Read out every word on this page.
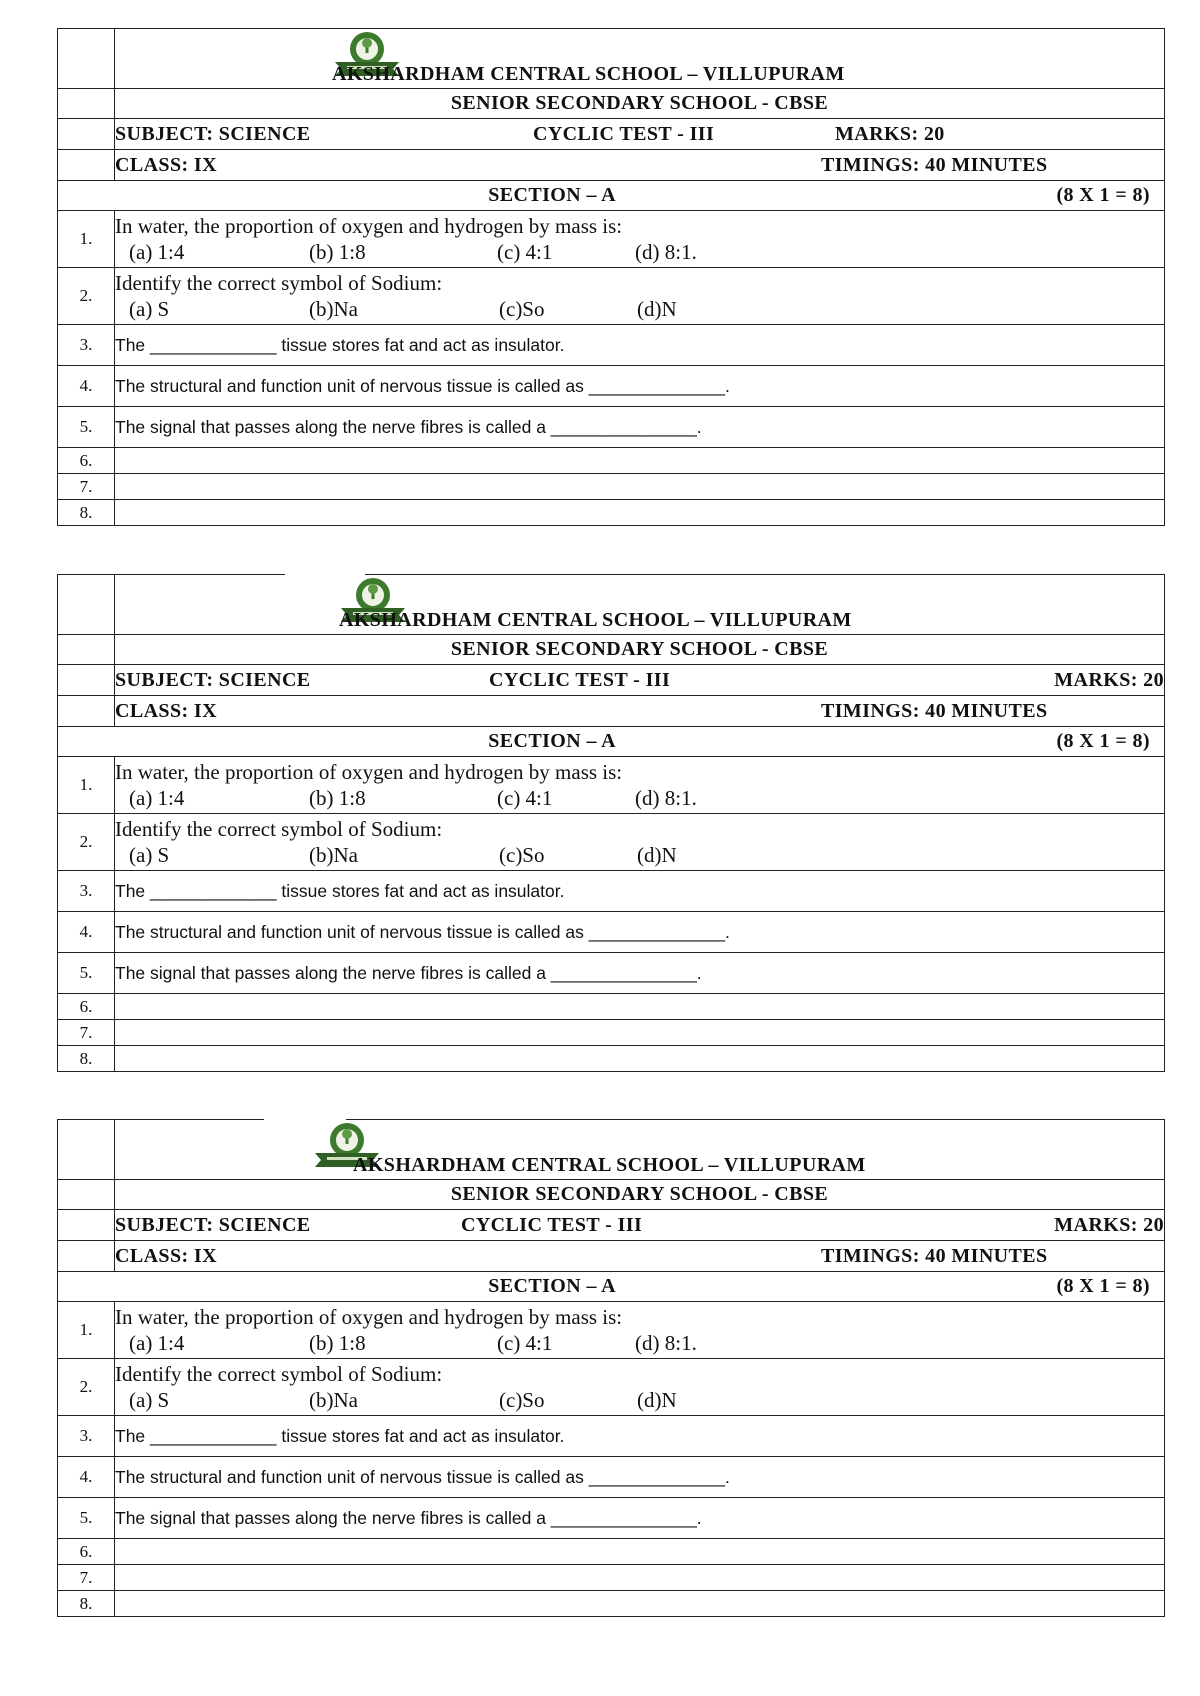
	AKSHARDHAM CENTRAL SCHOOL – VILLUPURAM

	SENIOR SECONDARY SCHOOL - CBSE

	SUBJECT: SCIENCE CYCLIC TEST - III MARKS: 20

	CLASS: IX TIMINGS: 40 MINUTES

SECTION – A (8 X 1 = 8)	

1.	In water, the proportion of oxygen and hydrogen by mass is:
(a) 1:4 (b) 1:8 (c) 4:1 (d) 8:1.

2.	Identify the correct symbol of Sodium:
(a) S (b)Na (c)So (d)N

3.	The _____________ tissue stores fat and act as insulator.
4.	The structural and function unit of nervous tissue is called as ______________.
5.	The signal that passes along the nerve fibres is called a _______________.
6.	
7.	
8.	

	AKSHARDHAM CENTRAL SCHOOL – VILLUPURAM

	SENIOR SECONDARY SCHOOL - CBSE

	SUBJECT: SCIENCE CYCLIC TEST - III MARKS: 20

	CLASS: IX TIMINGS: 40 MINUTES

SECTION – A (8 X 1 = 8)	

1.	In water, the proportion of oxygen and hydrogen by mass is:
(a) 1:4 (b) 1:8 (c) 4:1 (d) 8:1.

2.	Identify the correct symbol of Sodium:
(a) S (b)Na (c)So (d)N

3.	The _____________ tissue stores fat and act as insulator.
4.	The structural and function unit of nervous tissue is called as ______________.
5.	The signal that passes along the nerve fibres is called a _______________.
6.	
7.	
8.	

	AKSHARDHAM CENTRAL SCHOOL – VILLUPURAM

	SENIOR SECONDARY SCHOOL - CBSE

	SUBJECT: SCIENCE CYCLIC TEST - III MARKS: 20

	CLASS: IX TIMINGS: 40 MINUTES

SECTION – A (8 X 1 = 8)	

1.	In water, the proportion of oxygen and hydrogen by mass is:
(a) 1:4 (b) 1:8 (c) 4:1 (d) 8:1.

2.	Identify the correct symbol of Sodium:
(a) S (b)Na (c)So (d)N

3.	The _____________ tissue stores fat and act as insulator.
4.	The structural and function unit of nervous tissue is called as ______________.
5.	The signal that passes along the nerve fibres is called a _______________.
6.	
7.	
8.	
